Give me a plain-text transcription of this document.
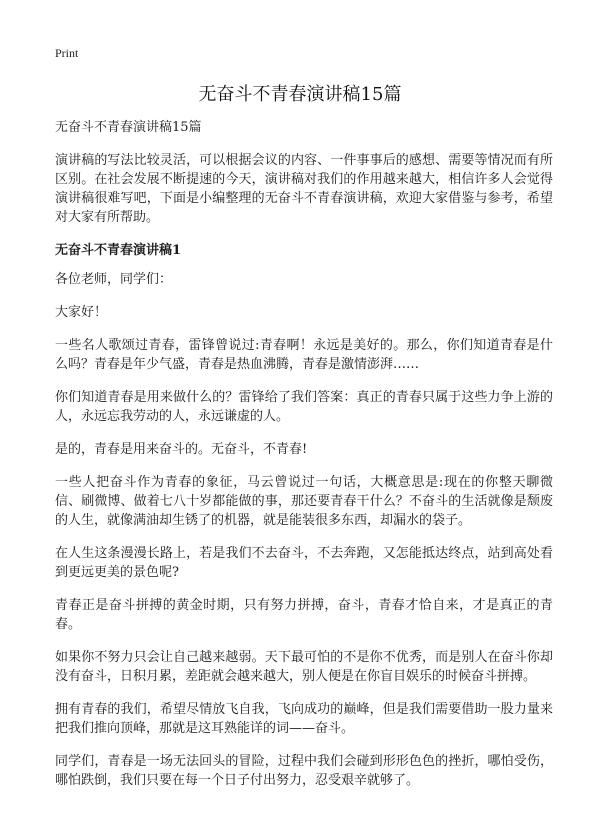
Print
无奋斗不青春演讲稿15篇

无奋斗不青春演讲稿15篇

演讲稿的写法比较灵活，可以根据会议的内容、一件事事后的感想、需要等情况而有所区别。在社会发展不断提速的今天，演讲稿对我们的作用越来越大，相信许多人会觉得演讲稿很难写吧，下面是小编整理的无奋斗不青春演讲稿，欢迎大家借鉴与参考，希望对大家有所帮助。

无奋斗不青春演讲稿1

各位老师，同学们：

大家好！

一些名人歌颂过青春，雷锋曾说过:青春啊！永远是美好的。那么，你们知道青春是什么吗？青春是年少气盛，青春是热血沸腾，青春是激情澎湃……

你们知道青春是用来做什么的？雷锋给了我们答案：真正的青春只属于这些力争上游的人，永远忘我劳动的人，永远谦虚的人。

是的，青春是用来奋斗的。无奋斗，不青春!

一些人把奋斗作为青春的象征，马云曾说过一句话，大概意思是:现在的你整天聊微信、刷微博、做着七八十岁都能做的事，那还要青春干什么？不奋斗的生活就像是颓废的人生，就像满油却生锈了的机器，就是能装很多东西，却漏水的袋子。

在人生这条漫漫长路上，若是我们不去奋斗，不去奔跑，又怎能抵达终点，站到高处看到更远更美的景色呢?

青春正是奋斗拼搏的黄金时期，只有努力拼搏，奋斗，青春才恰自来，才是真正的青春。

如果你不努力只会让自己越来越弱。天下最可怕的不是你不优秀，而是别人在奋斗你却没有奋斗，日积月累，差距就会越来越大，别人便是在你盲目娱乐的时候奋斗拼搏。

拥有青春的我们，希望尽情放飞自我，飞向成功的巅峰，但是我们需要借助一股力量来把我们推向顶峰，那就是这耳熟能详的词——奋斗。

同学们，青春是一场无法回头的冒险，过程中我们会碰到形形色色的挫折，哪怕受伤，哪怕跌倒，我们只要在每一个日子付出努力，忍受艰辛就够了。
